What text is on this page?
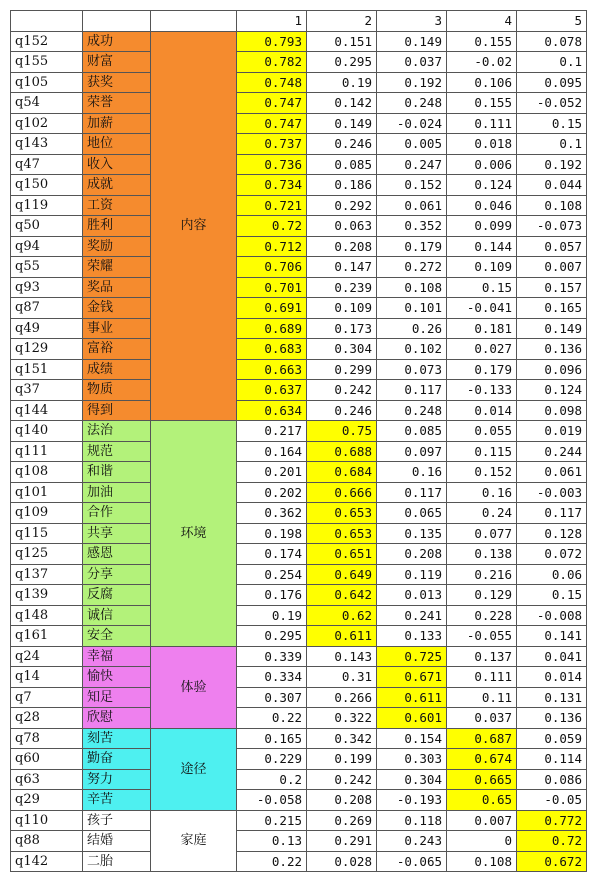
			1	2	3	4	5
q152	成功	内容	0.793	0.151	0.149	0.155	0.078
q155	财富		0.782	0.295	0.037	-0.02	0.1
q105	获奖		0.748	0.19	0.192	0.106	0.095
q54	荣誉		0.747	0.142	0.248	0.155	-0.052
q102	加薪		0.747	0.149	-0.024	0.111	0.15
q143	地位		0.737	0.246	0.005	0.018	0.1
q47	收入		0.736	0.085	0.247	0.006	0.192
q150	成就		0.734	0.186	0.152	0.124	0.044
q119	工资		0.721	0.292	0.061	0.046	0.108
q50	胜利		0.72	0.063	0.352	0.099	-0.073
q94	奖励		0.712	0.208	0.179	0.144	0.057
q55	荣耀		0.706	0.147	0.272	0.109	0.007
q93	奖品		0.701	0.239	0.108	0.15	0.157
q87	金钱		0.691	0.109	0.101	-0.041	0.165
q49	事业		0.689	0.173	0.26	0.181	0.149
q129	富裕		0.683	0.304	0.102	0.027	0.136
q151	成绩		0.663	0.299	0.073	0.179	0.096
q37	物质		0.637	0.242	0.117	-0.133	0.124
q144	得到		0.634	0.246	0.248	0.014	0.098
q140	法治	环境	0.217	0.75	0.085	0.055	0.019
q111	规范		0.164	0.688	0.097	0.115	0.244
q108	和谐		0.201	0.684	0.16	0.152	0.061
q101	加油		0.202	0.666	0.117	0.16	-0.003
q109	合作		0.362	0.653	0.065	0.24	0.117
q115	共享		0.198	0.653	0.135	0.077	0.128
q125	感恩		0.174	0.651	0.208	0.138	0.072
q137	分享		0.254	0.649	0.119	0.216	0.06
q139	反腐		0.176	0.642	0.013	0.129	0.15
q148	诚信		0.19	0.62	0.241	0.228	-0.008
q161	安全		0.295	0.611	0.133	-0.055	0.141
q24	幸福	体验	0.339	0.143	0.725	0.137	0.041
q14	愉快		0.334	0.31	0.671	0.111	0.014
q7	知足		0.307	0.266	0.611	0.11	0.131
q28	欣慰		0.22	0.322	0.601	0.037	0.136
q78	刻苦	途径	0.165	0.342	0.154	0.687	0.059
q60	勤奋		0.229	0.199	0.303	0.674	0.114
q63	努力		0.2	0.242	0.304	0.665	0.086
q29	辛苦		-0.058	0.208	-0.193	0.65	-0.05
q110	孩子	家庭	0.215	0.269	0.118	0.007	0.772
q88	结婚		0.13	0.291	0.243	0	0.72
q142	二胎		0.22	0.028	-0.065	0.108	0.672
